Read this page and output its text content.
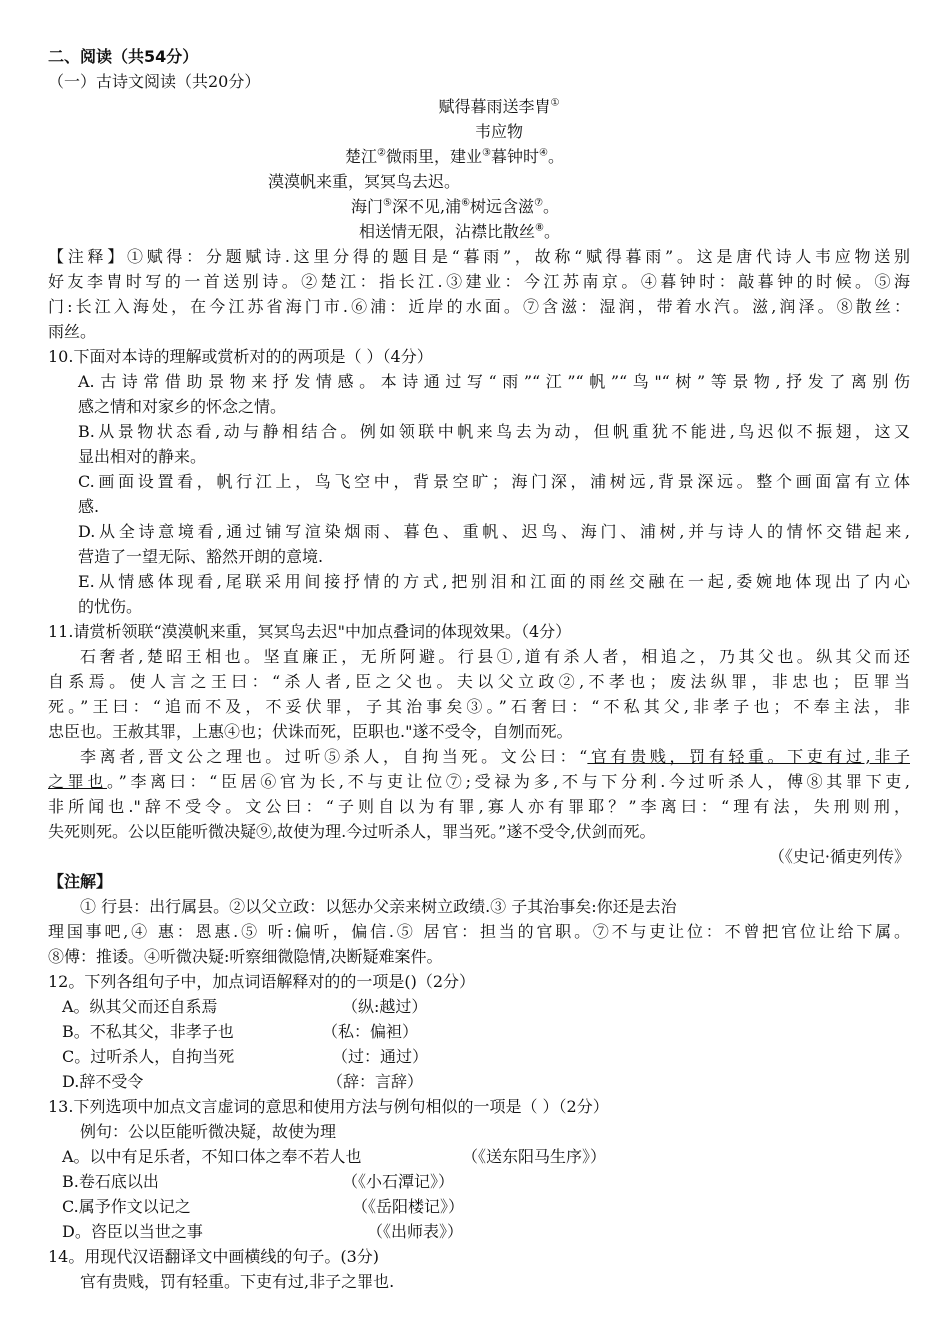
二、阅读（共54分）
（一）古诗文阅读（共20分）
赋得暮雨送李胄①
韦应物
楚江②微雨里，建业③暮钟时④。
漠漠帆来重，冥冥鸟去迟。
海门⑤深不见,浦⑥树远含滋⑦。
相送情无限，沾襟比散丝⑧。
【注释】①赋得：分题赋诗.这里分得的题目是“暮雨”，故称“赋得暮雨”。这是唐代诗人韦应物送别
好友李胄时写的一首送别诗。②楚江：指长江.③建业：今江苏南京。④暮钟时：敲暮钟的时候。⑤海
门:长江入海处，在今江苏省海门市.⑥浦：近岸的水面。⑦含滋：湿润，带着水汽。滋,润泽。⑧散丝：
雨丝。
10.下面对本诗的理解或赏析对的的两项是（ ）（4分）
A.古诗常借助景物来抒发情感。本诗通过写“雨”“江”“帆”“鸟"“树”等景物,抒发了离别伤
感之情和对家乡的怀念之情。
B.从景物状态看,动与静相结合。例如领联中帆来鸟去为动，但帆重犹不能进,鸟迟似不振翅，这又
显出相对的静来。
C.画面设置看，帆行江上，鸟飞空中，背景空旷；海门深，浦树远,背景深远。整个画面富有立体
感.
D.从全诗意境看,通过铺写渲染烟雨、暮色、重帆、迟鸟、海门、浦树,并与诗人的情怀交错起来,
营造了一望无际、豁然开朗的意境.
E.从情感体现看,尾联采用间接抒情的方式,把别泪和江面的雨丝交融在一起,委婉地体现出了内心
的忧伤。
11.请赏析领联“漠漠帆来重，冥冥鸟去迟"中加点叠词的体现效果。（4分）
石奢者,楚昭王相也。坚直廉正，无所阿避。行县①,道有杀人者，相追之，乃其父也。纵其父而还
自系焉。使人言之王曰：“杀人者,臣之父也。夫以父立政②,不孝也；废法纵罪，非忠也；臣罪当
死。”王曰：“追而不及，不妥伏罪，子其治事矣③。”石奢曰：“不私其父,非孝子也；不奉主法，非
忠臣也。王赦其罪，上惠④也；伏诛而死，臣职也."遂不受令，自刎而死。
李离者,晋文公之理也。过听⑤杀人，自拘当死。文公曰：“官有贵贱，罚有轻重。下吏有过,非子
之罪也。”李离曰：“臣居⑥官为长,不与吏让位⑦;受禄为多,不与下分利.今过听杀人，傅⑧其罪下吏,
非所闻也."辞不受令。文公曰：“子则自以为有罪,寡人亦有罪耶？”李离曰：“理有法，失刑则刑，
失死则死。公以臣能听微决疑⑨,故使为理.今过听杀人，罪当死。”遂不受令,伏剑而死。
（《史记·循吏列传》
【注解】
① 行县：出行属县。②以父立政：以惩办父亲来树立政绩.③ 子其治事矣:你还是去治
理国事吧,④ 惠：恩惠.⑤ 听:偏听，偏信.⑤ 居官：担当的官职。⑦不与吏让位：不曾把官位让给下属。
⑧傅：推诿。④听微决疑:听察细微隐情,决断疑难案件。
12。下列各组句子中，加点词语解释对的的一项是()（2分）
A。纵其父而还自系焉	（纵:越过）
B。不私其父，非孝子也	（私：偏袒）
C。过听杀人，自拘当死	（过：通过）
D.辞不受令	（辞：言辞）
13.下列选项中加点文言虚词的意思和使用方法与例句相似的一项是（ ）（2分）
例句：公以臣能听微决疑，故使为理
A。以中有足乐者，不知口体之奉不若人也	（《送东阳马生序》）
B.卷石底以出	（《小石潭记》）
C.属予作文以记之	（《岳阳楼记》）
D。咨臣以当世之事	（《出师表》）
14。用现代汉语翻译文中画横线的句子。(3分)
官有贵贱，罚有轻重。下吏有过,非子之罪也.
